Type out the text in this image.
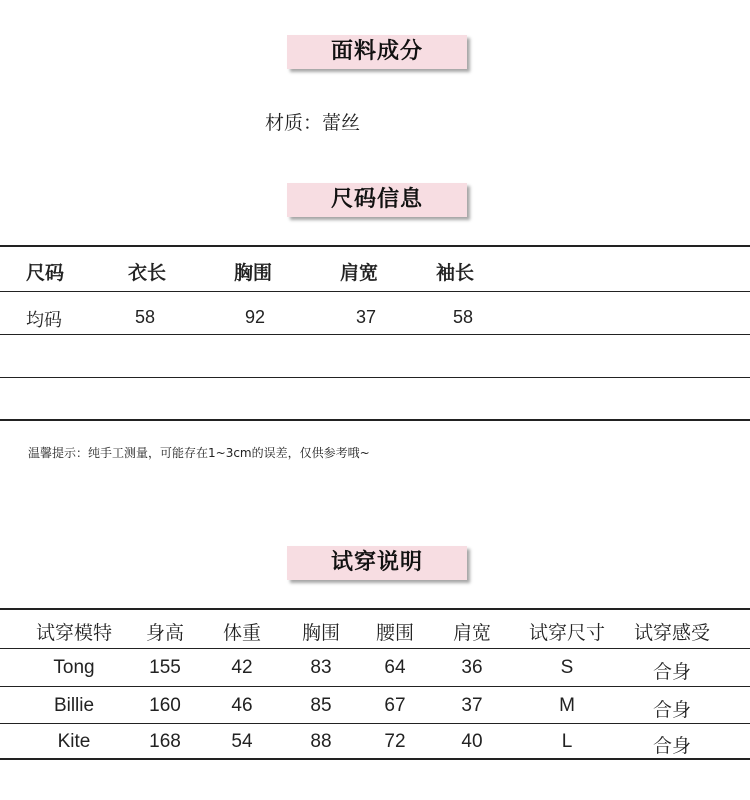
面料成分
材质：蕾丝
尺码信息
尺码	衣长	胸围	肩宽	袖长
均码	58	92	37	58
温馨提示：纯手工测量，可能存在1~3cm的误差，仅供参考哦~
试穿说明
试穿模特 身高 体重 胸围 腰围 肩宽 试穿尺寸 试穿感受
Tong	155	42	83	64	36	S	合身
Billie	160	46	85	67	37	M	合身
Kite	168	54	88	72	40	L	合身
